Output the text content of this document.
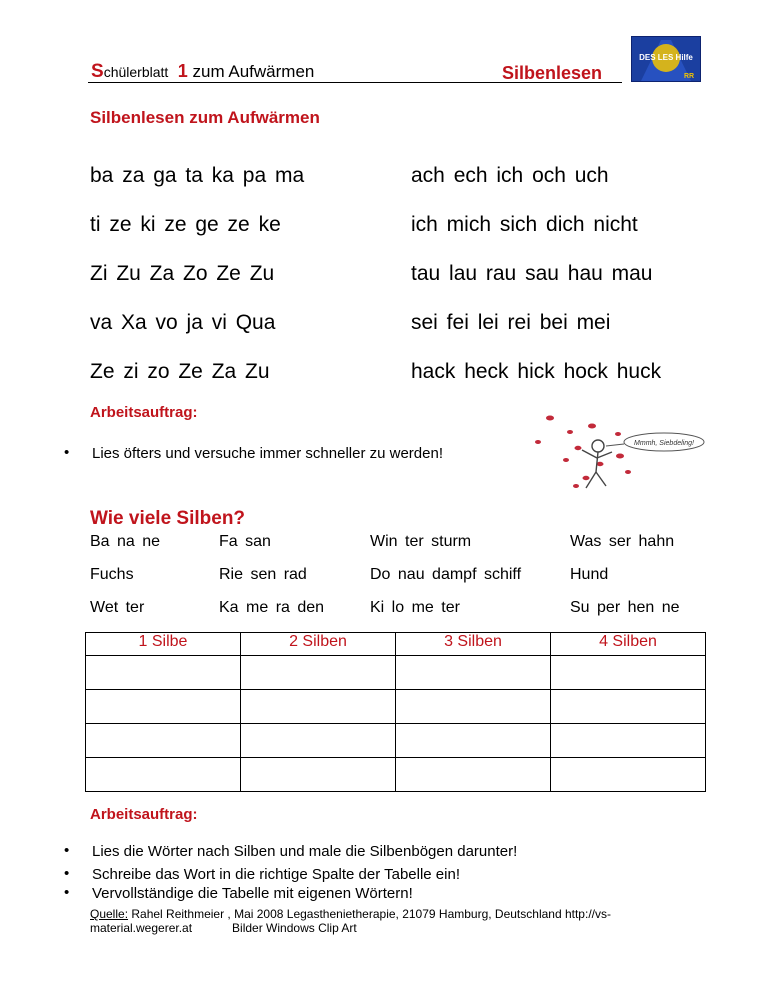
Schülerblatt 1 zum Aufwärmen	Silbenlesen
DES LES Hilfe
RR
Silbenlesen zum Aufwärmen
ba za ga ta ka pa ma
ti ze ki ze ge ze ke
Zi Zu Za Zo Ze Zu
va Xa vo ja vi Qua
Ze zi zo Ze Za Zu
ach ech ich och uch
ich mich sich dich nicht
tau lau rau sau hau mau
sei fei lei rei bei mei
hack heck hick hock huck
Arbeitsauftrag:
• Lies öfters und versuche immer schneller zu werden!
Mmmh, Siebdeling!
Wie viele Silben?
Ba na ne	Fa san	Win ter sturm	Was ser hahn
Fuchs	Rie sen rad	Do nau dampf schiff	Hund
Wet ter	Ka me ra den	Ki lo me ter	Su per hen ne
1 Silbe	2 Silben	3 Silben	4 Silben

Arbeitsauftrag:
• Lies die Wörter nach Silben und male die Silbenbögen darunter!
• Schreibe das Wort in die richtige Spalte der Tabelle ein!
• Vervollständige die Tabelle mit eigenen Wörtern!
Quelle: Rahel Reithmeier , Mai 2008 Legasthenietherapie, 21079 Hamburg, Deutschland http://vs-
material.wegerer.at	Bilder Windows Clip Art
